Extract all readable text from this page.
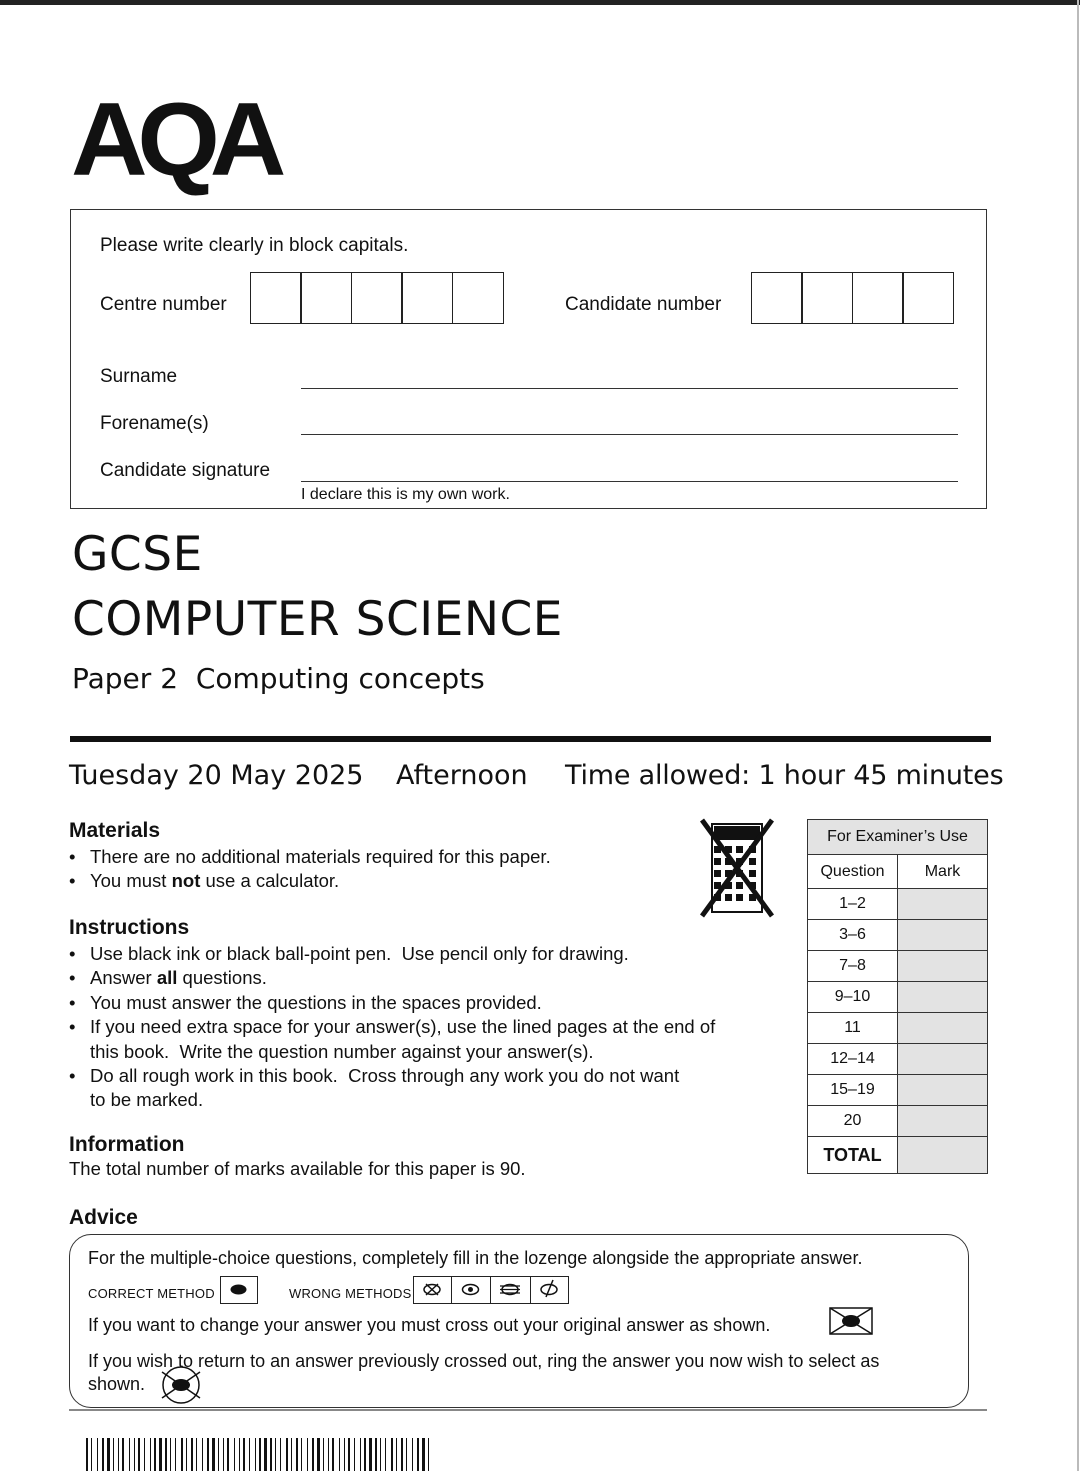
AQA
Please write clearly in block capitals.
Centre number	Candidate number
Surname
Forename(s)
Candidate signature
I declare this is my own work.
GCSE
COMPUTER SCIENCE
Paper 2  Computing concepts
Tuesday 20 May 2025 Afternoon Time allowed: 1 hour 45 minutes
Materials
• There are no additional materials required for this paper.
• You must not use a calculator.
Instructions
• Use black ink or black ball-point pen.  Use pencil only for drawing.
• Answer all questions.
• You must answer the questions in the spaces provided.
• If you need extra space for your answer(s), use the lined pages at the end of
this book.  Write the question number against your answer(s).
• Do all rough work in this book.  Cross through any work you do not want
to be marked.
Information
The total number of marks available for this paper is 90.
For Examiner’s Use	
Question	Mark
1–2	
3–6	
7–8	
9–10	
11	
12–14	
15–19	
20	
TOTAL	
Advice
For the multiple-choice questions, completely fill in the lozenge alongside the appropriate answer.
CORRECT METHOD	WRONG METHODS
If you want to change your answer you must cross out your original answer as shown.
If you wish to return to an answer previously crossed out, ring the answer you now wish to select as
shown.
